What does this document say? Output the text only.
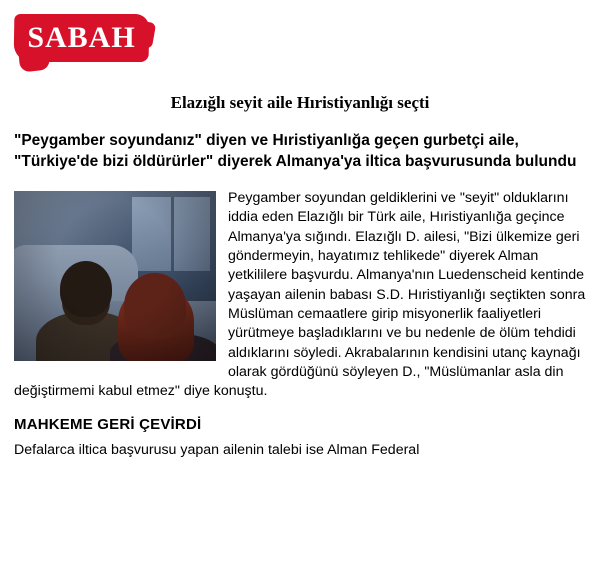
SABAH
Elazığlı seyit aile Hıristiyanlığı seçti
"Peygamber soyundanız" diyen ve Hıristiyanlığa geçen gurbetçi aile, "Türkiye'de bizi öldürürler" diyerek Almanya'ya iltica başvurusunda bulundu

Peygamber soyundan geldiklerini ve "seyit" olduklarını iddia eden Elazığlı bir Türk aile, Hıristiyanlığa geçince Almanya'ya sığındı. Elazığlı D. ailesi, "Bizi ülkemize geri göndermeyin, hayatımız tehlikede" diyerek Alman yetkililere başvurdu. Almanya'nın Luedenscheid kentinde yaşayan ailenin babası S.D. Hıristiyanlığı seçtikten sonra Müslüman cemaatlere girip misyonerlik faaliyetleri yürütmeye başladıklarını ve bu nedenle de ölüm tehdidi aldıklarını söyledi. Akrabalarının kendisini utanç kaynağı olarak gördüğünü söyleyen D., "Müslümanlar asla din değiştirmemi kabul etmez" diye konuştu.

MAHKEME GERİ ÇEVİRDİ
Defalarca iltica başvurusu yapan ailenin talebi ise Alman Federal
